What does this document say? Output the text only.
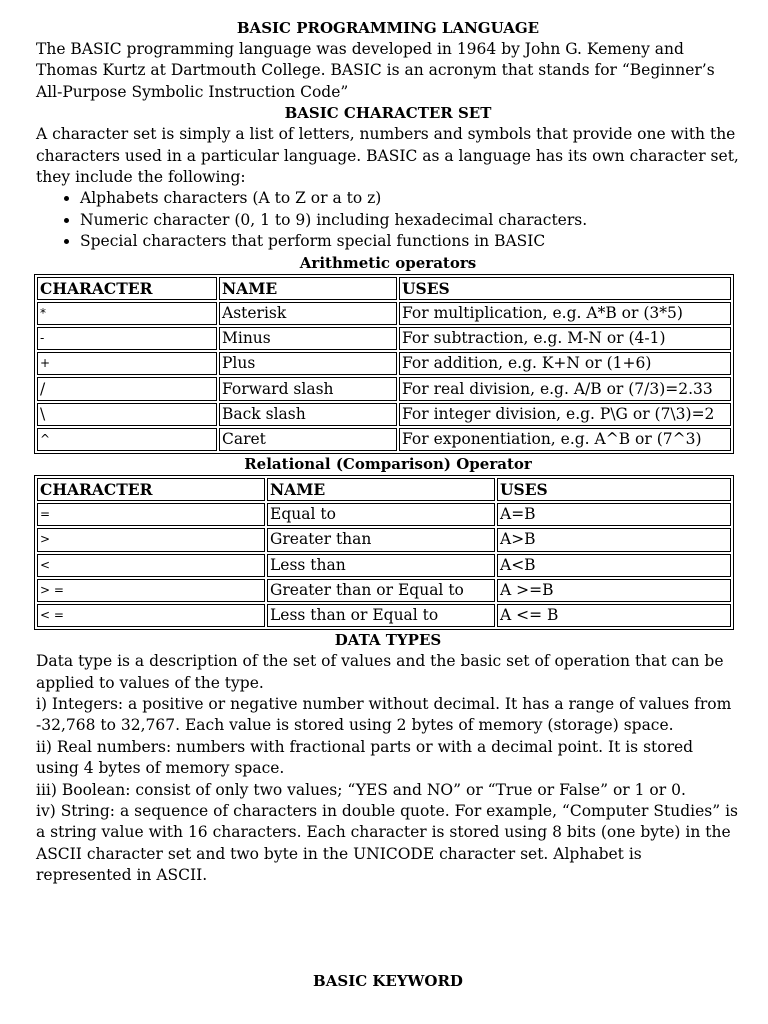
BASIC PROGRAMMING LANGUAGE

The BASIC programming language was developed in 1964 by John G. Kemeny and Thomas Kurtz at Dartmouth College. BASIC is an acronym that stands for “Beginner’s All-Purpose Symbolic Instruction Code”

BASIC CHARACTER SET

A character set is simply a list of letters, numbers and symbols that provide one with the characters used in a particular language. BASIC as a language has its own character set, they include the following:

• Alphabets characters (A to Z or a to z)
• Numeric character (0, 1 to 9) including hexadecimal characters.
• Special characters that perform special functions in BASIC
Arithmetic operators
CHARACTER	NAME	USES
*	Asterisk	For multiplication, e.g. A*B or (3*5)
-	Minus	For subtraction, e.g. M-N or (4-1)
+	Plus	For addition, e.g. K+N or (1+6)
/	Forward slash	For real division, e.g. A/B or (7/3)=2.33
\	Back slash	For integer division, e.g. P\G or (7\3)=2
^	Caret	For exponentiation, e.g. A^B or (7^3)
Relational (Comparison) Operator
CHARACTER	NAME	USES
=	Equal to	A=B
>	Greater than	A>B
<	Less than	A<B
> =	Greater than or Equal to	A >=B
< =	Less than or Equal to	A <= B
DATA TYPES

Data type is a description of the set of values and the basic set of operation that can be applied to values of the type.

i) Integers: a positive or negative number without decimal. It has a range of values from -32,768 to 32,767. Each value is stored using 2 bytes of memory (storage) space.

ii) Real numbers: numbers with fractional parts or with a decimal point. It is stored using 4 bytes of memory space.

iii) Boolean: consist of only two values; “YES and NO” or “True or False” or 1 or 0.

iv) String: a sequence of characters in double quote. For example, “Computer Studies” is a string value with 16 characters. Each character is stored using 8 bits (one byte) in the ASCII character set and two byte in the UNICODE character set. Alphabet is represented in ASCII.

BASIC KEYWORD
